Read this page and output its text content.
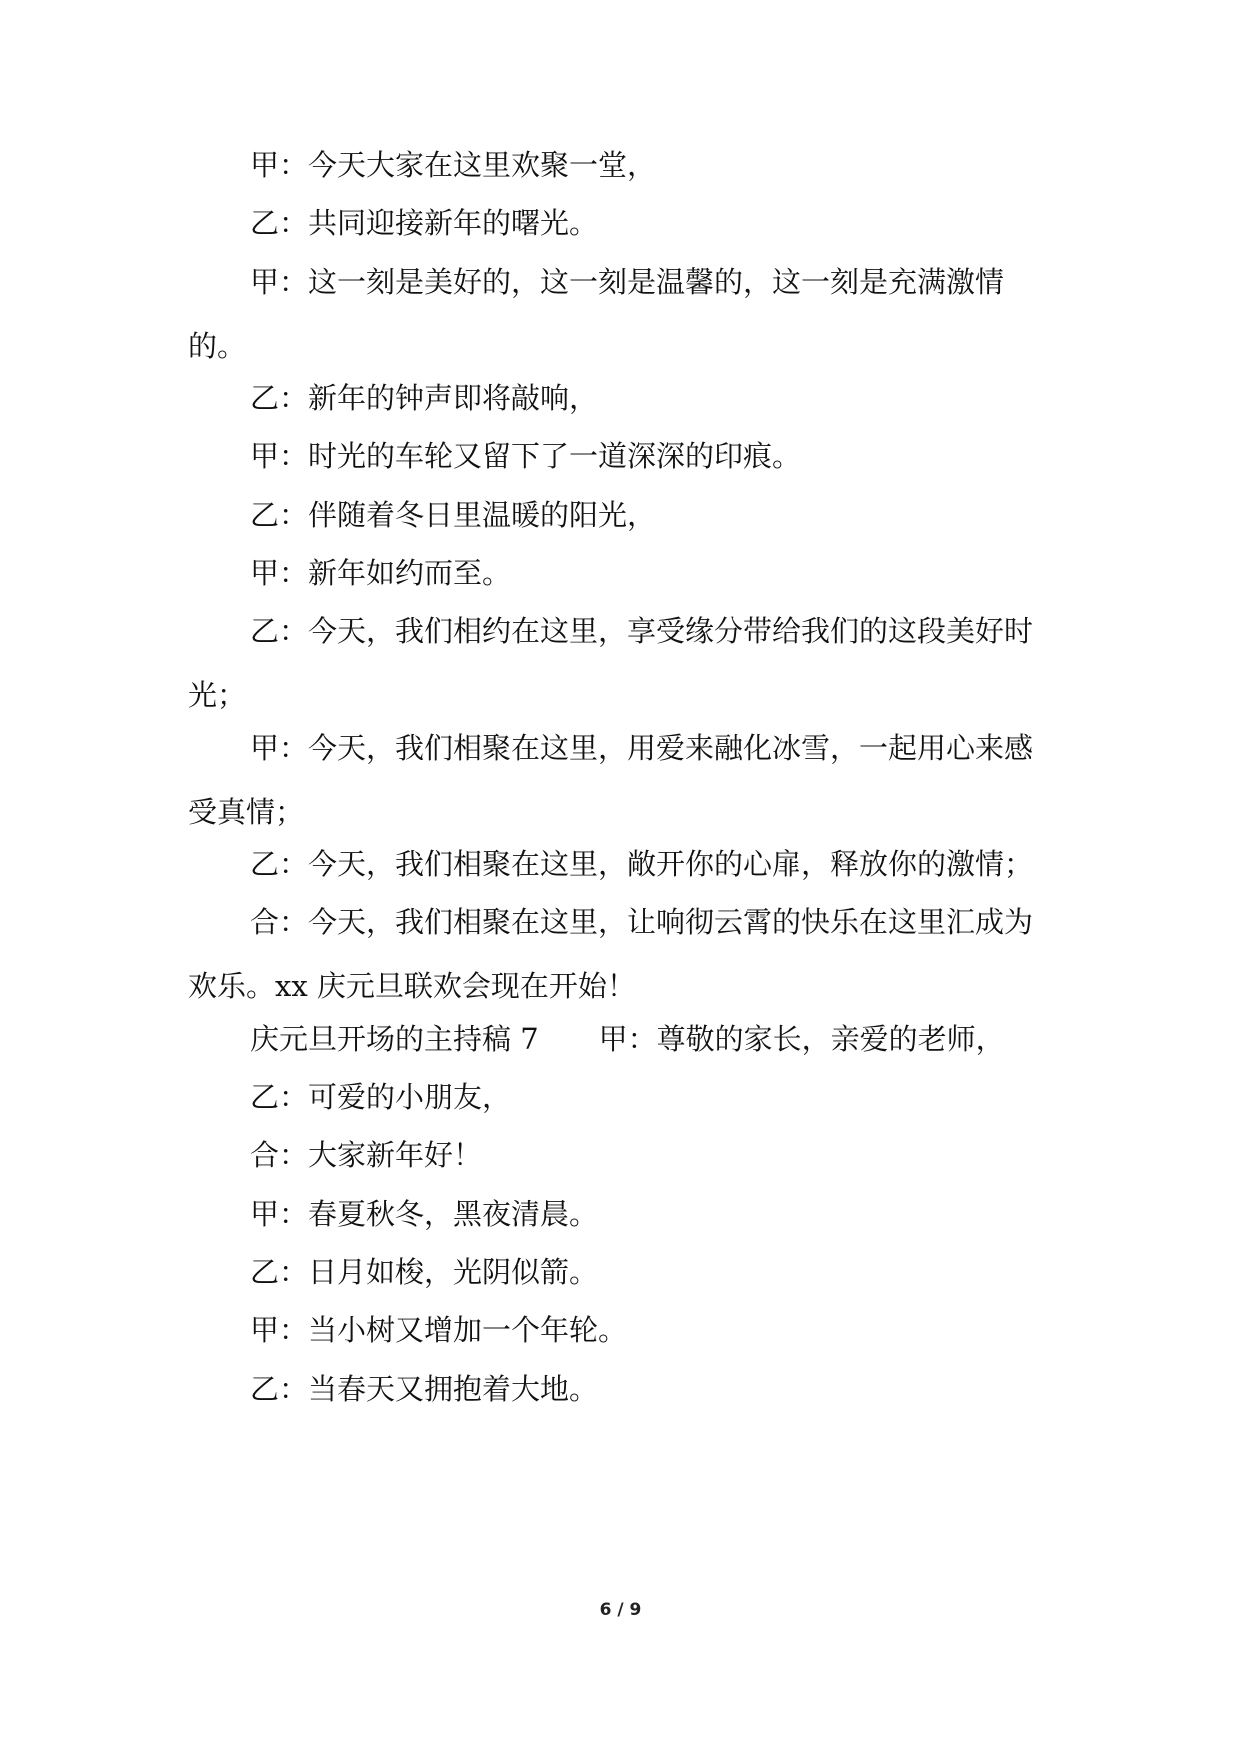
甲：今天大家在这里欢聚一堂，

乙：共同迎接新年的曙光。

甲：这一刻是美好的，这一刻是温馨的，这一刻是充满激情的。

乙：新年的钟声即将敲响，

甲：时光的车轮又留下了一道深深的印痕。

乙：伴随着冬日里温暖的阳光，

甲：新年如约而至。

乙：今天，我们相约在这里，享受缘分带给我们的这段美好时光；

甲：今天，我们相聚在这里，用爱来融化冰雪，一起用心来感受真情；

乙：今天，我们相聚在这里，敞开你的心扉，释放你的激情；

合：今天，我们相聚在这里，让响彻云霄的快乐在这里汇成为欢乐。xx 庆元旦联欢会现在开始！

庆元旦开场的主持稿 7 甲：尊敬的家长，亲爱的老师，

乙：可爱的小朋友，

合：大家新年好！

甲：春夏秋冬，黑夜清晨。

乙：日月如梭，光阴似箭。

甲：当小树又增加一个年轮。

乙：当春天又拥抱着大地。

6 / 9
